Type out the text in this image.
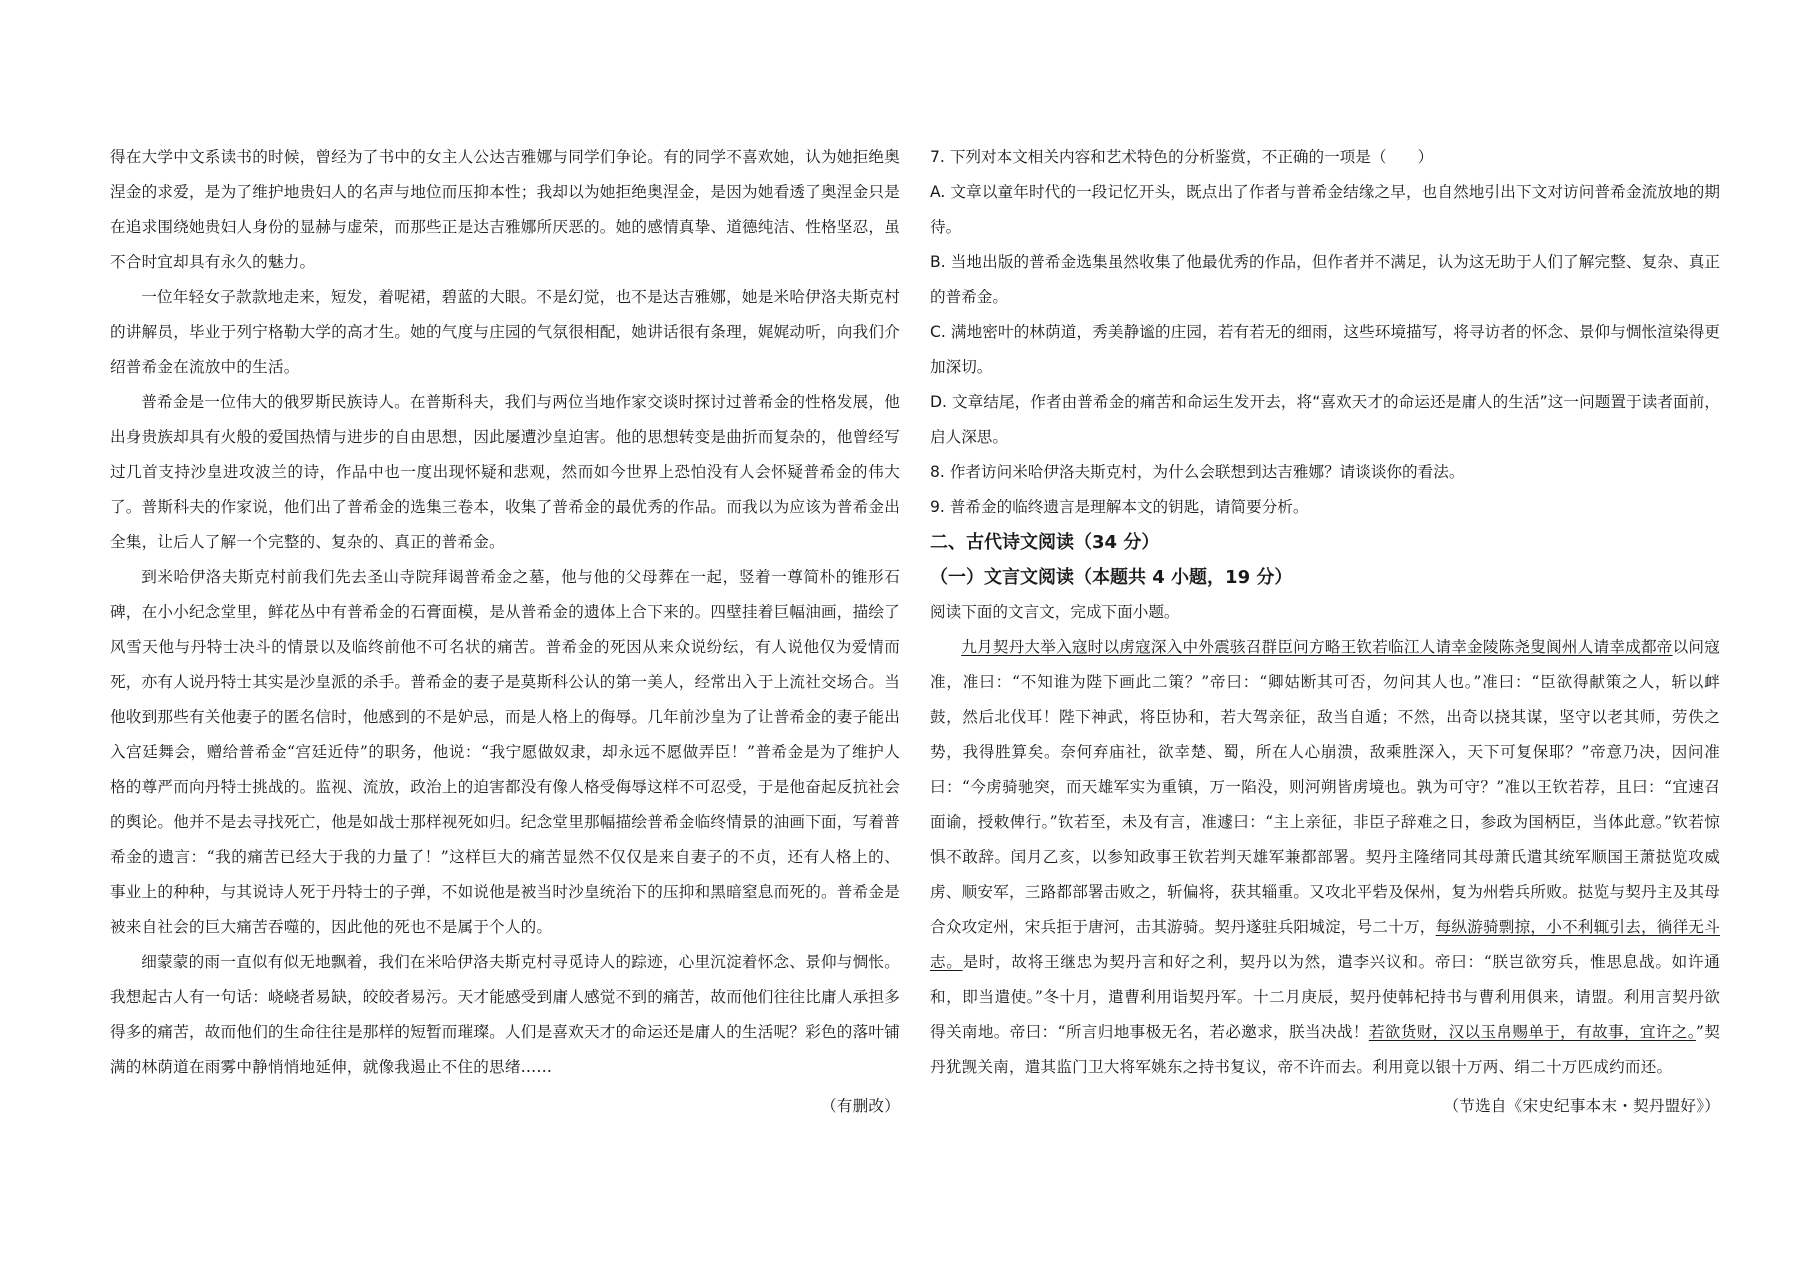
得在大学中文系读书的时候，曾经为了书中的女主人公达吉雅娜与同学们争论。有的同学不喜欢她，认为她拒绝奥涅金的求爱，是为了维护地贵妇人的名声与地位而压抑本性；我却以为她拒绝奥涅金，是因为她看透了奥涅金只是在追求围绕她贵妇人身份的显赫与虚荣，而那些正是达吉雅娜所厌恶的。她的感情真挚、道德纯洁、性格坚忍，虽不合时宜却具有永久的魅力。

一位年轻女子款款地走来，短发，着呢裙，碧蓝的大眼。不是幻觉，也不是达吉雅娜，她是米哈伊洛夫斯克村的讲解员，毕业于列宁格勒大学的高才生。她的气度与庄园的气氛很相配，她讲话很有条理，娓娓动听，向我们介绍普希金在流放中的生活。

普希金是一位伟大的俄罗斯民族诗人。在普斯科夫，我们与两位当地作家交谈时探讨过普希金的性格发展，他出身贵族却具有火般的爱国热情与进步的自由思想，因此屡遭沙皇迫害。他的思想转变是曲折而复杂的，他曾经写过几首支持沙皇进攻波兰的诗，作品中也一度出现怀疑和悲观，然而如今世界上恐怕没有人会怀疑普希金的伟大了。普斯科夫的作家说，他们出了普希金的选集三卷本，收集了普希金的最优秀的作品。而我以为应该为普希金出全集，让后人了解一个完整的、复杂的、真正的普希金。

到米哈伊洛夫斯克村前我们先去圣山寺院拜谒普希金之墓，他与他的父母葬在一起，竖着一尊简朴的锥形石碑，在小小纪念堂里，鲜花丛中有普希金的石膏面模，是从普希金的遗体上合下来的。四壁挂着巨幅油画，描绘了风雪天他与丹特士决斗的情景以及临终前他不可名状的痛苦。普希金的死因从来众说纷纭，有人说他仅为爱情而死，亦有人说丹特士其实是沙皇派的杀手。普希金的妻子是莫斯科公认的第一美人，经常出入于上流社交场合。当他收到那些有关他妻子的匿名信时，他感到的不是妒忌，而是人格上的侮辱。几年前沙皇为了让普希金的妻子能出入宫廷舞会，赠给普希金“宫廷近侍”的职务，他说：“我宁愿做奴隶，却永远不愿做弄臣！”普希金是为了维护人格的尊严而向丹特士挑战的。监视、流放，政治上的迫害都没有像人格受侮辱这样不可忍受，于是他奋起反抗社会的舆论。他并不是去寻找死亡，他是如战士那样视死如归。纪念堂里那幅描绘普希金临终情景的油画下面，写着普希金的遗言：“我的痛苦已经大于我的力量了！”这样巨大的痛苦显然不仅仅是来自妻子的不贞，还有人格上的、事业上的种种，与其说诗人死于丹特士的子弹，不如说他是被当时沙皇统治下的压抑和黑暗窒息而死的。普希金是被来自社会的巨大痛苦吞噬的，因此他的死也不是属于个人的。

细蒙蒙的雨一直似有似无地飘着，我们在米哈伊洛夫斯克村寻觅诗人的踪迹，心里沉淀着怀念、景仰与惆怅。我想起古人有一句话：峣峣者易缺，皎皎者易污。天才能感受到庸人感觉不到的痛苦，故而他们往往比庸人承担多得多的痛苦，故而他们的生命往往是那样的短暂而璀璨。人们是喜欢天才的命运还是庸人的生活呢？彩色的落叶铺满的林荫道在雨雾中静悄悄地延伸，就像我遏止不住的思绪……

（有删改）

7. 下列对本文相关内容和艺术特色的分析鉴赏，不正确的一项是（　　）

A. 文章以童年时代的一段记忆开头，既点出了作者与普希金结缘之早，也自然地引出下文对访问普希金流放地的期待。

B. 当地出版的普希金选集虽然收集了他最优秀的作品，但作者并不满足，认为这无助于人们了解完整、复杂、真正的普希金。

C. 满地密叶的林荫道，秀美静谧的庄园，若有若无的细雨，这些环境描写，将寻访者的怀念、景仰与惆怅渲染得更加深切。

D. 文章结尾，作者由普希金的痛苦和命运生发开去，将“喜欢天才的命运还是庸人的生活”这一问题置于读者面前，启人深思。

8. 作者访问米哈伊洛夫斯克村，为什么会联想到达吉雅娜？请谈谈你的看法。

9. 普希金的临终遗言是理解本文的钥匙，请简要分析。

二、古代诗文阅读（34 分）

（一）文言文阅读（本题共 4 小题，19 分）

阅读下面的文言文，完成下面小题。

九月契丹大举入寇时以虏寇深入中外震骇召群臣问方略王钦若临江人请幸金陵陈尧叟阆州人请幸成都帝以问寇准，准曰：“不知谁为陛下画此二策？”帝曰：“卿姑断其可否，勿问其人也。”准曰：“臣欲得献策之人，斩以衅鼓，然后北伐耳！陛下神武，将臣协和，若大驾亲征，敌当自遁；不然，出奇以挠其谋，坚守以老其师，劳佚之势，我得胜算矣。奈何弃庙社，欲幸楚、蜀，所在人心崩溃，敌乘胜深入，天下可复保耶？”帝意乃决，因问准曰：“今虏骑驰突，而天雄军实为重镇，万一陷没，则河朔皆虏境也。孰为可守？”准以王钦若荐，且曰：“宜速召面谕，授敕俾行。”钦若至，未及有言，准遽曰：“主上亲征，非臣子辞难之日，参政为国柄臣，当体此意。”钦若惊惧不敢辞。闰月乙亥，以参知政事王钦若判天雄军兼都部署。契丹主隆绪同其母萧氏遣其统军顺国王萧挞览攻威虏、顺安军，三路都部署击败之，斩偏将，获其辎重。又攻北平砦及保州，复为州砦兵所败。挞览与契丹主及其母合众攻定州，宋兵拒于唐河，击其游骑。契丹遂驻兵阳城淀，号二十万，每纵游骑剽掠，小不利辄引去，徜徉无斗志。是时，故将王继忠为契丹言和好之利，契丹以为然，遣李兴议和。帝曰：“朕岂欲穷兵，惟思息战。如许通和，即当遣使。”冬十月，遣曹利用诣契丹军。十二月庚辰，契丹使韩杞持书与曹利用俱来，请盟。利用言契丹欲得关南地。帝曰：“所言归地事极无名，若必邀求，朕当决战！若欲货财，汉以玉帛赐单于，有故事，宜许之。”契丹犹觊关南，遣其监门卫大将军姚东之持书复议，帝不许而去。利用竟以银十万两、绢二十万匹成约而还。

（节选自《宋史纪事本末・契丹盟好》）
